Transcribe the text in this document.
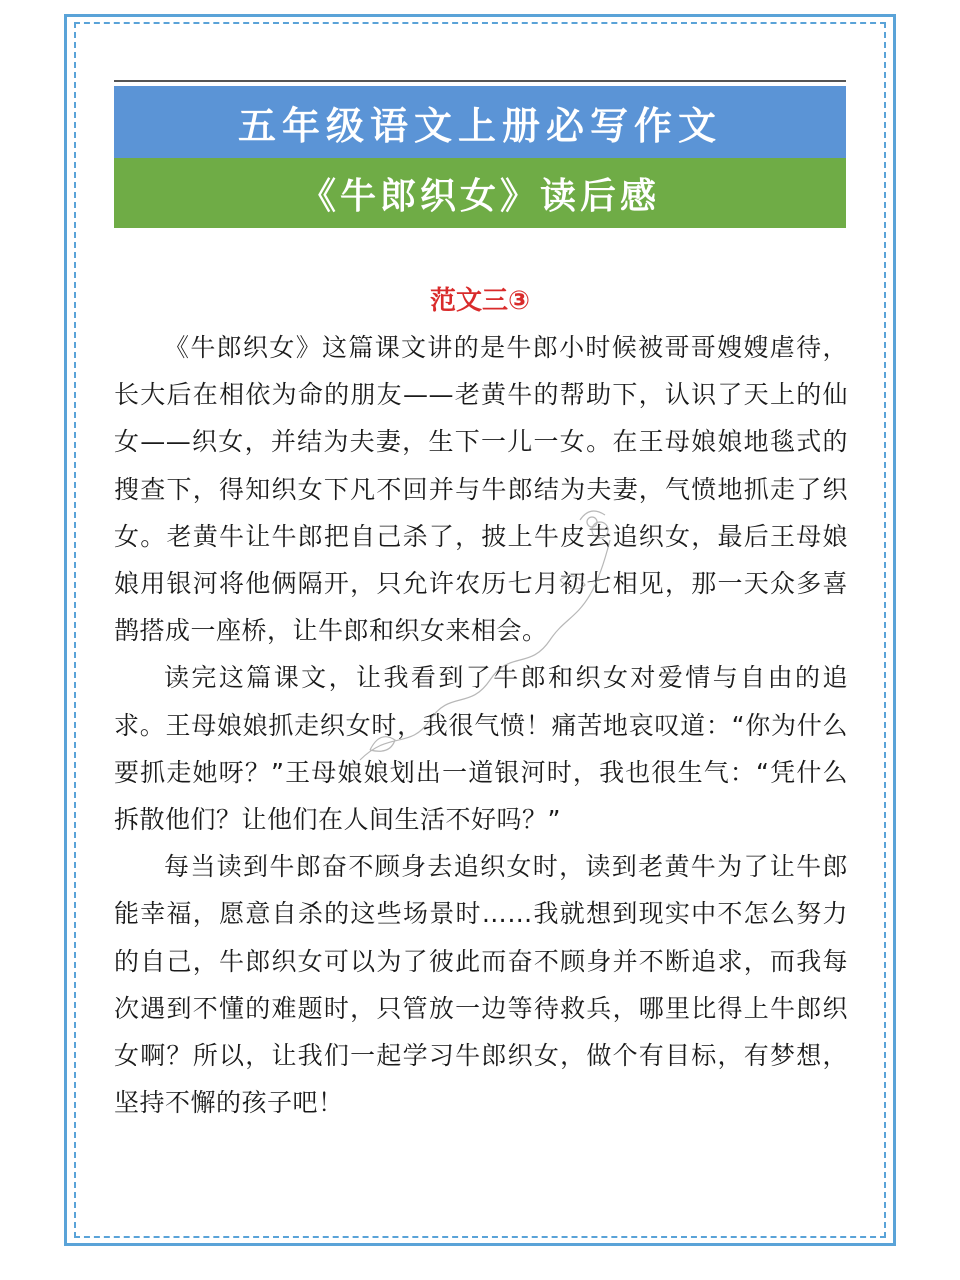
五年级语文上册必写作文
《牛郎织女》读后感
范文三③

《牛郎织女》这篇课文讲的是牛郎小时候被哥哥嫂嫂虐待，长大后在相依为命的朋友——老黄牛的帮助下，认识了天上的仙女——织女，并结为夫妻，生下一儿一女。在王母娘娘地毯式的搜查下，得知织女下凡不回并与牛郎结为夫妻，气愤地抓走了织女。老黄牛让牛郎把自己杀了，披上牛皮去追织女，最后王母娘娘用银河将他俩隔开，只允许农历七月初七相见，那一天众多喜鹊搭成一座桥，让牛郎和织女来相会。

读完这篇课文，让我看到了牛郎和织女对爱情与自由的追求。王母娘娘抓走织女时，我很气愤！痛苦地哀叹道：“你为什么要抓走她呀？”王母娘娘划出一道银河时，我也很生气：“凭什么拆散他们？让他们在人间生活不好吗？”

每当读到牛郎奋不顾身去追织女时，读到老黄牛为了让牛郎能幸福，愿意自杀的这些场景时……我就想到现实中不怎么努力的自己，牛郎织女可以为了彼此而奋不顾身并不断追求，而我每次遇到不懂的难题时，只管放一边等待救兵，哪里比得上牛郎织女啊？所以，让我们一起学习牛郎织女，做个有目标，有梦想，坚持不懈的孩子吧！
